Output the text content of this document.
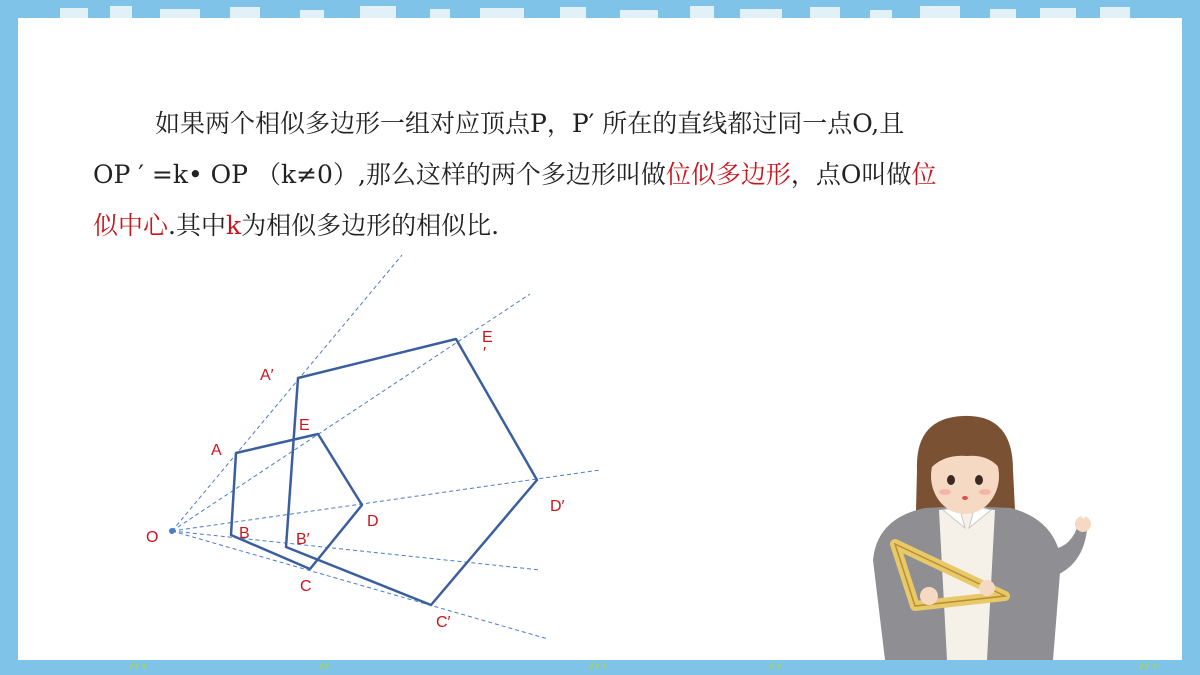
如果两个相似多边形一组对应顶点P，P′ 所在的直线都过同一点O,且
OP ′ =k• OP （k≠0）,那么这样的两个多边形叫做位似多边形，点O叫做位
似中心.其中k为相似多边形的相似比.
O
A
B
C
D
E
A′
B′
C′
D′
E
′
